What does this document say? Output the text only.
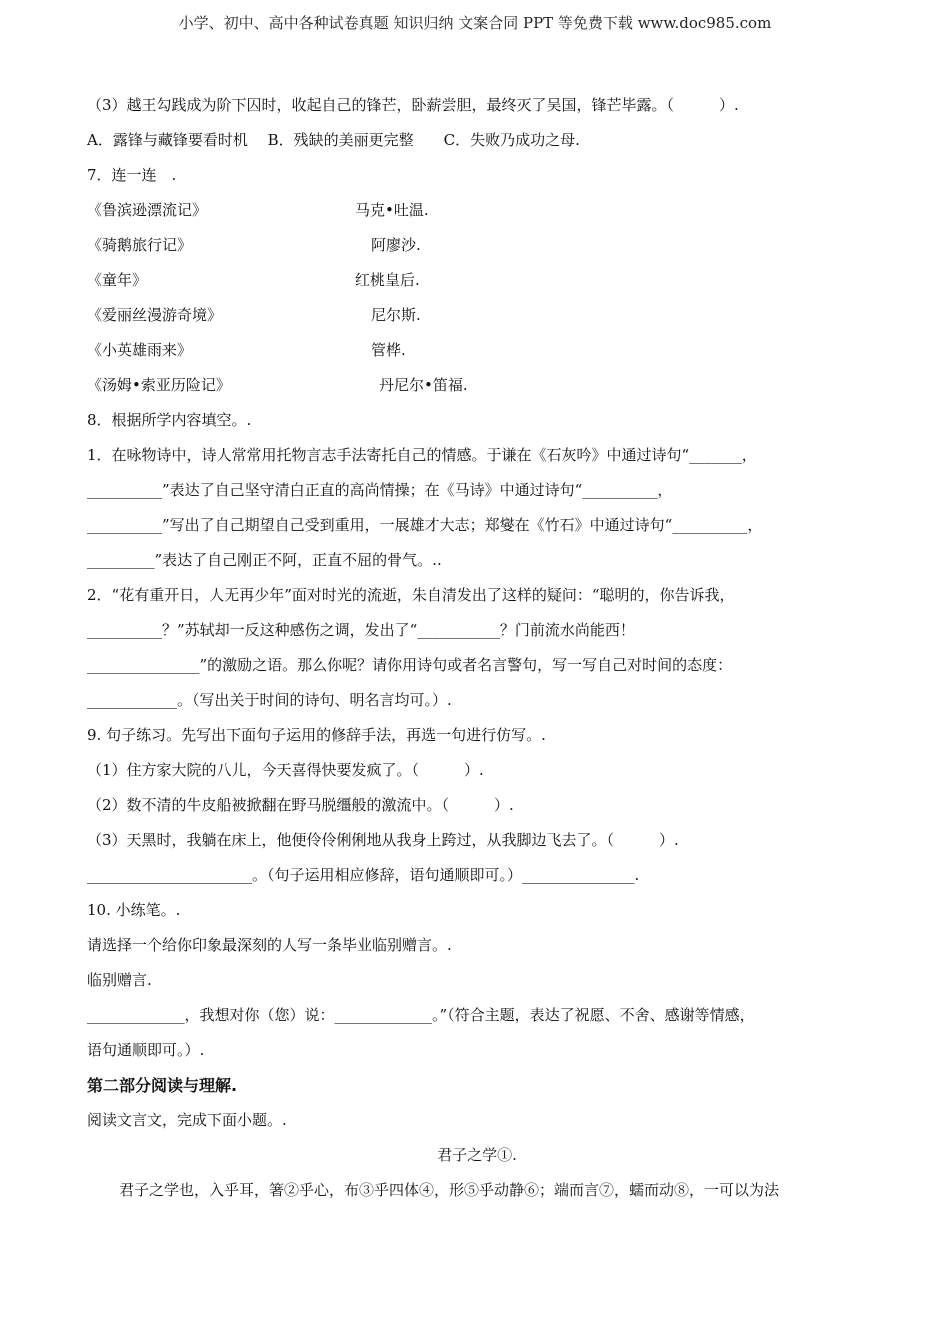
小学、初中、高中各种试卷真题 知识归纳 文案合同 PPT 等免费下载 www.doc985.com
（3）越王勾践成为阶下囚时，收起自己的锋芒，卧薪尝胆，最终灭了吴国，锋芒毕露。（　　　）.
A．露锋与藏锋要看时机　 B．残缺的美丽更完整　　C．失败乃成功之母.
7．连一连　.
《鲁滨逊漂流记》	马克•吐温.
《骑鹅旅行记》	阿廖沙.
《童年》	红桃皇后.
《爱丽丝漫游奇境》	尼尔斯.
《小英雄雨来》	管桦.
《汤姆•索亚历险记》	丹尼尔•笛福.
8．根据所学内容填空。.
1．在咏物诗中，诗人常常用托物言志手法寄托自己的情感。于谦在《石灰吟》中通过诗句“_______，
__________”表达了自己坚守清白正直的高尚情操；在《马诗》中通过诗句“__________，
__________”写出了自己期望自己受到重用，一展雄才大志；郑燮在《竹石》中通过诗句“__________，
_________”表达了自己刚正不阿，正直不屈的骨气。..
2．“花有重开日，人无再少年”面对时光的流逝，朱自清发出了这样的疑问：“聪明的，你告诉我，
__________？”苏轼却一反这种感伤之调，发出了“___________？门前流水尚能西！
_______________”的激励之语。那么你呢？请你用诗句或者名言警句，写一写自己对时间的态度：
____________。（写出关于时间的诗句、明名言均可。）.
9. 句子练习。先写出下面句子运用的修辞手法，再选一句进行仿写。.
（1）住方家大院的八儿，今天喜得快要发疯了。（　　　）.
（2）数不清的牛皮船被掀翻在野马脱缰般的激流中。（　　　）.
（3）天黑时，我躺在床上，他便伶伶俐俐地从我身上跨过，从我脚边飞去了。（　　　）.
______________________。（句子运用相应修辞，语句通顺即可。）_______________.
10. 小练笔。.
请选择一个给你印象最深刻的人写一条毕业临别赠言。.
临别赠言.
_____________，我想对你（您）说：_____________。”（符合主题，表达了祝愿、不舍、感谢等情感，
语句通顺即可。）.
第二部分阅读与理解.
阅读文言文，完成下面小题。.
君子之学①.
君子之学也，入乎耳，箸②乎心，布③乎四体④，形⑤乎动静⑥；端而言⑦，蠕而动⑧，一可以为法
